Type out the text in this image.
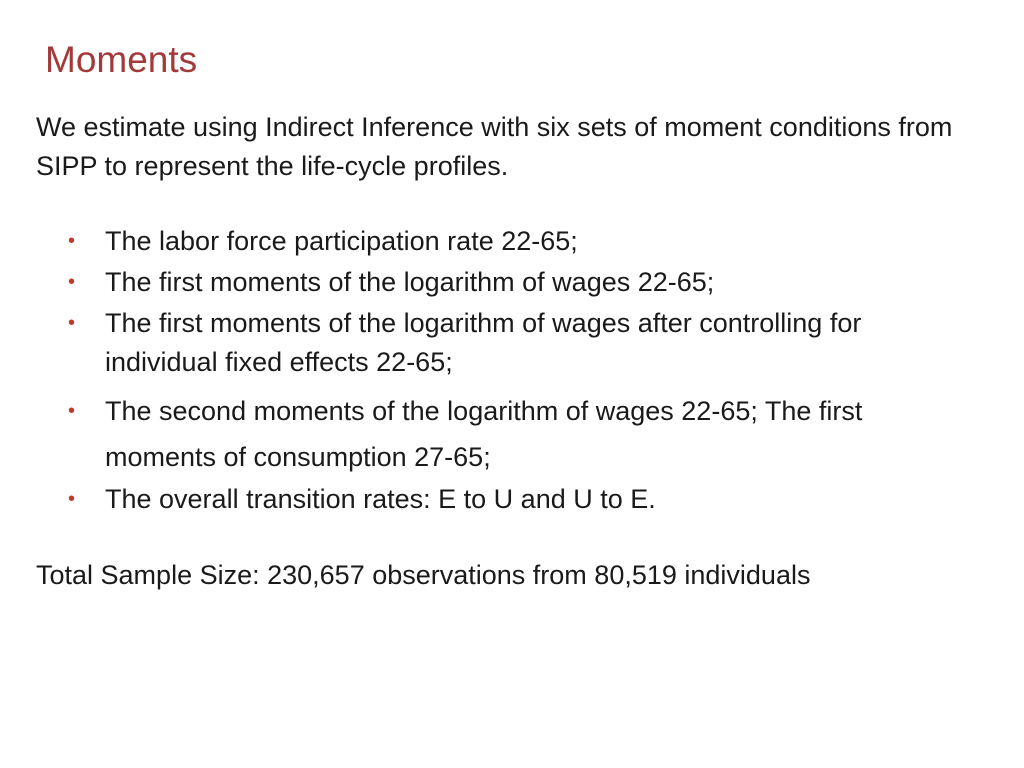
Moments

We estimate using Indirect Inference with six sets of moment conditions from SIPP to represent the life-cycle profiles.

• The labor force participation rate 22-65;
• The first moments of the logarithm of wages 22-65;
• The first moments of the logarithm of wages after controlling for individual fixed effects 22-65;
• The second moments of the logarithm of wages 22-65; The first moments of consumption 27-65;
• The overall transition rates: E to U and U to E.

Total Sample Size: 230,657 observations from 80,519 individuals
